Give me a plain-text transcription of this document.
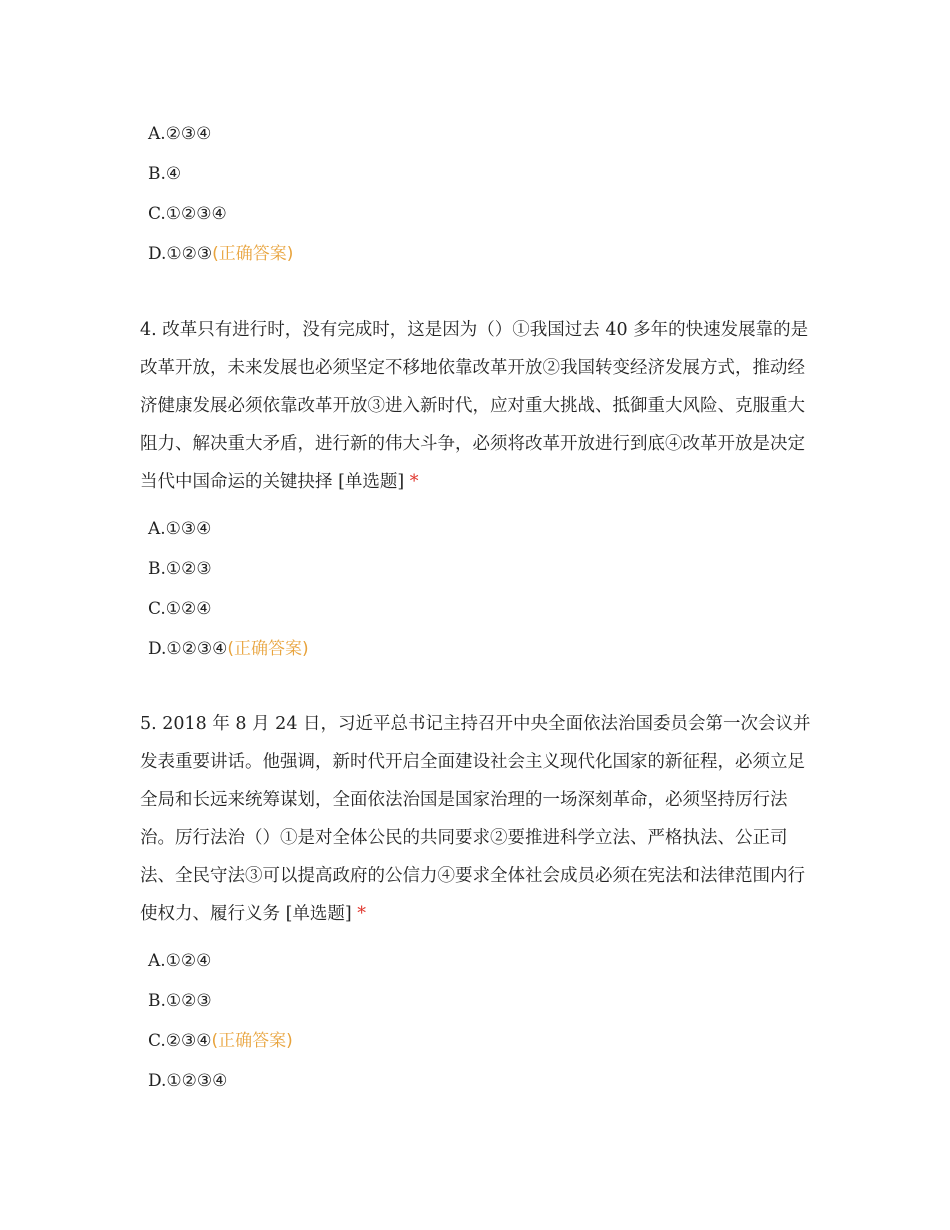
A.②③④
B.④
C.①②③④
D.①②③(正确答案)
4. 改革只有进行时，没有完成时，这是因为（）①我国过去 40 多年的快速发展靠的是改革开放，未来发展也必须坚定不移地依靠改革开放②我国转变经济发展方式，推动经济健康发展必须依靠改革开放③进入新时代，应对重大挑战、抵御重大风险、克服重大阻力、解决重大矛盾，进行新的伟大斗争，必须将改革开放进行到底④改革开放是决定当代中国命运的关键抉择 [单选题] *
A.①③④
B.①②③
C.①②④
D.①②③④(正确答案)
5. 2018 年 8 月 24 日，习近平总书记主持召开中央全面依法治国委员会第一次会议并发表重要讲话。他强调，新时代开启全面建设社会主义现代化国家的新征程，必须立足全局和长远来统筹谋划，全面依法治国是国家治理的一场深刻革命，必须坚持厉行法治。厉行法治（）①是对全体公民的共同要求②要推进科学立法、严格执法、公正司法、全民守法③可以提高政府的公信力④要求全体社会成员必须在宪法和法律范围内行使权力、履行义务 [单选题] *
A.①②④
B.①②③
C.②③④(正确答案)
D.①②③④
